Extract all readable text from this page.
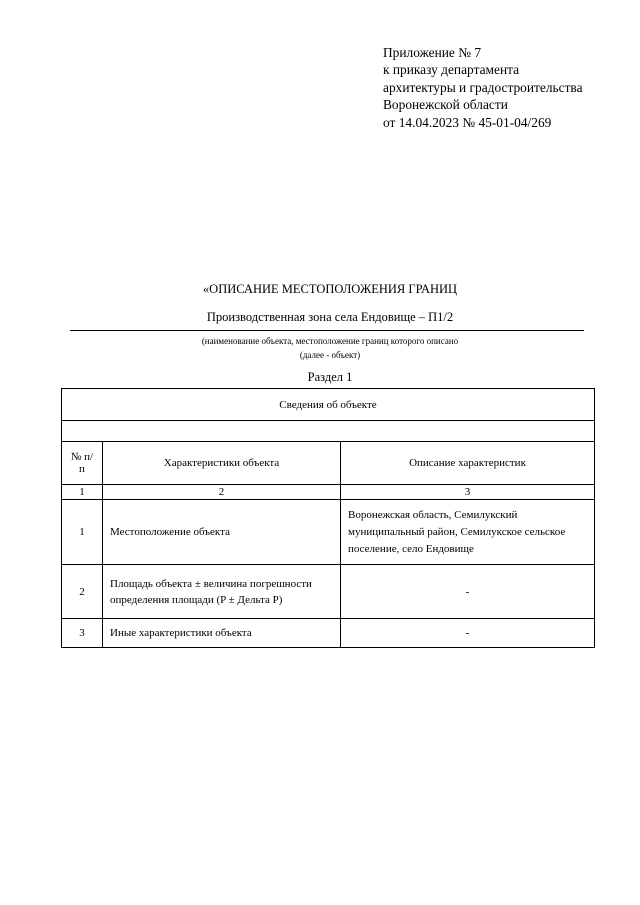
Приложение № 7
к приказу департамента
архитектуры и градостроительства
Воронежской области
от 14.04.2023 № 45-01-04/269
«ОПИСАНИЕ МЕСТОПОЛОЖЕНИЯ ГРАНИЦ
Производственная зона села Ендовище – П1/2
(наименование объекта, местоположение границ которого описано
(далее - объект)
Раздел 1
Сведения об объекте		

№ п/п	Характеристики объекта	Описание характеристик
1	2	3
1	Местоположение объекта	Воронежская область, Семилукский муниципальный район, Семилукское сельское поселение, село Ендовище
2	Площадь объекта ± величина погрешности определения площади (P ± Дельта P)	-
3	Иные характеристики объекта	-
